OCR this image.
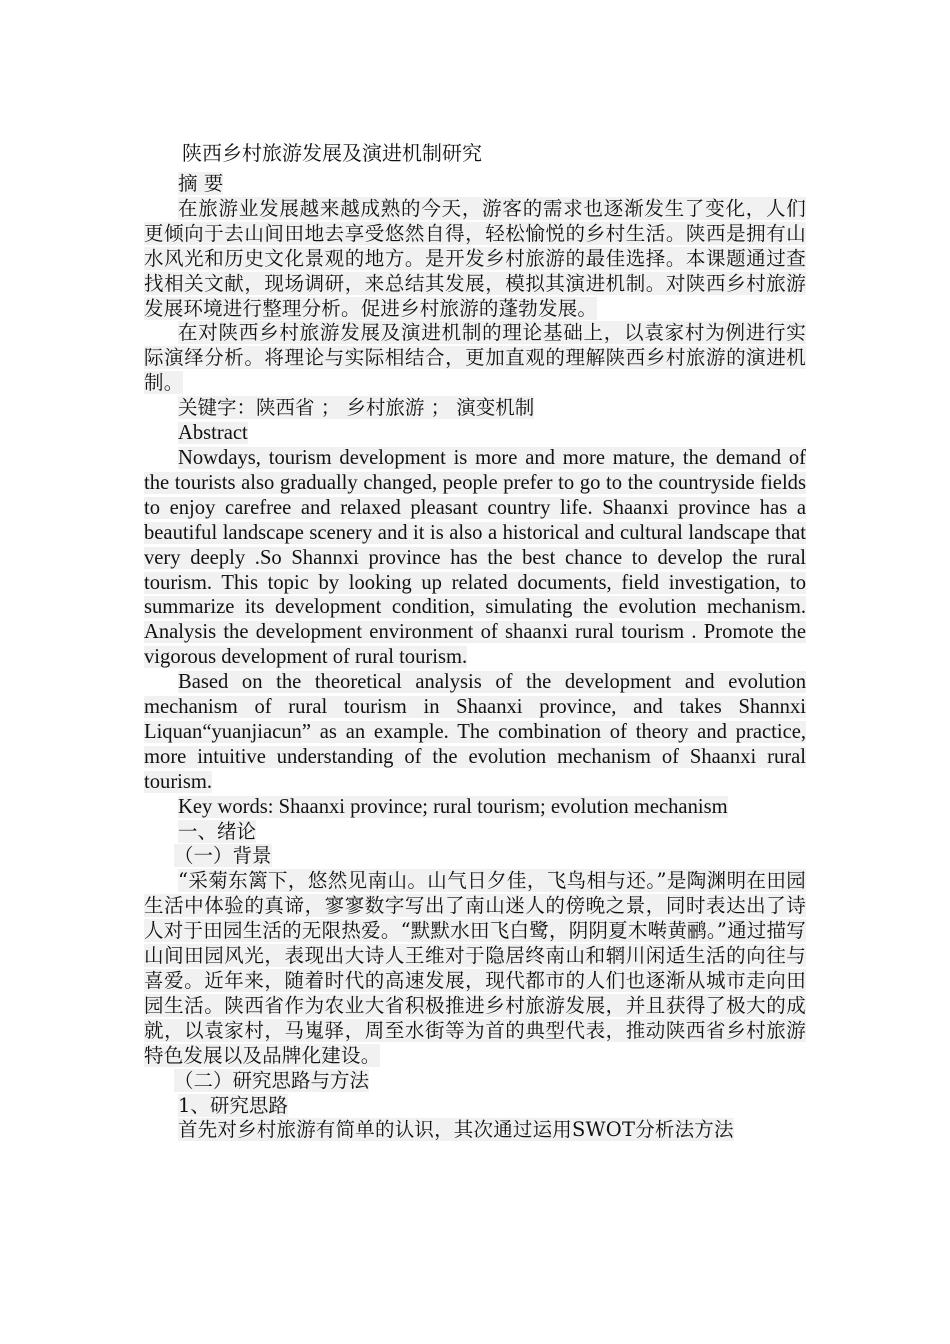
陕西乡村旅游发展及演进机制研究

摘 要

在旅游业发展越来越成熟的今天，游客的需求也逐渐发生了变化，人们更倾向于去山间田地去享受悠然自得，轻松愉悦的乡村生活。陕西是拥有山水风光和历史文化景观的地方。是开发乡村旅游的最佳选择。本课题通过查找相关文献，现场调研，来总结其发展，模拟其演进机制。对陕西乡村旅游发展环境进行整理分析。促进乡村旅游的蓬勃发展。

在对陕西乡村旅游发展及演进机制的理论基础上，以袁家村为例进行实际演绎分析。将理论与实际相结合，更加直观的理解陕西乡村旅游的演进机制。

关键字：陕西省 ； 乡村旅游 ； 演变机制

Abstract

Nowdays, tourism development is more and more mature, the demand of the tourists also gradually changed, people prefer to go to the countryside fields to enjoy carefree and relaxed pleasant country life. Shaanxi province has a beautiful landscape scenery and it is also a historical and cultural landscape that very deeply .So Shannxi province has the best chance to develop the rural tourism. This topic by looking up related documents, field investigation, to summarize its development condition, simulating the evolution mechanism. Analysis the development environment of shaanxi rural tourism . Promote the vigorous development of rural tourism.

Based on the theoretical analysis of the development and evolution mechanism of rural tourism in Shaanxi province, and takes Shannxi Liquan“yuanjiacun” as an example. The combination of theory and practice, more intuitive understanding of the evolution mechanism of Shaanxi rural tourism.

Key words: Shaanxi province; rural tourism; evolution mechanism

一、绪论

（一）背景

“采菊东篱下，悠然见南山。山气日夕佳，飞鸟相与还。”是陶渊明在田园生活中体验的真谛，寥寥数字写出了南山迷人的傍晚之景，同时表达出了诗人对于田园生活的无限热爱。“默默水田飞白鹭，阴阴夏木啭黄鹂。”通过描写山间田园风光，表现出大诗人王维对于隐居终南山和辋川闲适生活的向往与喜爱。近年来，随着时代的高速发展，现代都市的人们也逐渐从城市走向田园生活。陕西省作为农业大省积极推进乡村旅游发展，并且获得了极大的成就，以袁家村，马嵬驿，周至水街等为首的典型代表，推动陕西省乡村旅游特色发展以及品牌化建设。

（二）研究思路与方法

1、研究思路

首先对乡村旅游有简单的认识，其次通过运用SWOT分析法方法
